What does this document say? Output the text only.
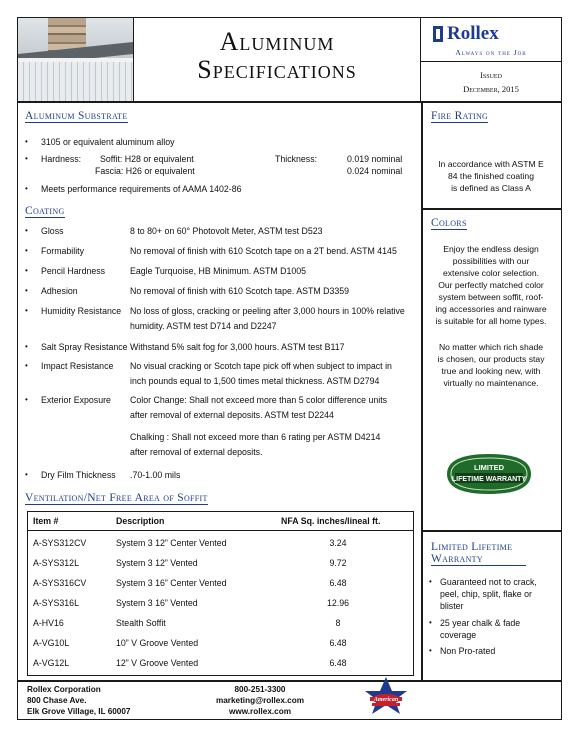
Aluminum
Specifications
Rollex
Always on the Job
Issued
December, 2015
Aluminum Substrate
• 3105 or equivalent aluminum alloy
• Hardness: Soffit: H28 or equivalent
Fascia: H26 or equivalent
Thickness:	0.019 nominal
0.024 nominal
• Meets performance requirements of AAMA 1402-86
Coating
• Gloss	8 to 80+ on 60° Photovolt Meter, ASTM test D523
• Formability	No removal of finish with 610 Scotch tape on a 2T bend. ASTM 4145
• Pencil Hardness	Eagle Turquoise, HB Minimum. ASTM D1005
• Adhesion	No removal of finish with 610 Scotch tape. ASTM D3359
• Humidity Resistance No loss of gloss, cracking or peeling after 3,000 hours in 100% relative
humidity. ASTM test D714 and D2247
• Salt Spray Resistance Withstand 5% salt fog for 3,000 hours. ASTM test B117
• Impact Resistance No visual cracking or Scotch tape pick off when subject to impact in
inch pounds equal to 1,500 times metal thickness. ASTM D2794
• Exterior Exposure Color Change: Shall not exceed more than 5 color difference units
after removal of external deposits. ASTM test D2244
Chalking : Shall not exceed more than 6 rating per ASTM D4214
after removal of external deposits.
• Dry Film Thickness .70-1.00 mils
Ventilation/Net Free Area of Soffit
Item #	Description	NFA Sq. inches/lineal ft.
A-SYS312CV	System 3 12” Center Vented	3.24
A-SYS312L	System 3 12” Vented	9.72
A-SYS316CV	System 3 16” Center Vented	6.48
A-SYS316L	System 3 16” Vented	12.96
A-HV16	Stealth Soffit	8
A-VG10L	10” V Groove Vented	6.48
A-VG12L	12” V Groove Vented	6.48
Fire Rating
In accordance with ASTM E
84 the finished coating
is defined as Class A
Colors
Enjoy the endless design
possibilities with our
extensive color selection.
Our perfectly matched color
system between soffit, roof-
ing accessories and rainware
is suitable for all home types.
No matter which rich shade
is chosen, our products stay
true and looking new, with
virtually no maintenance.
LIMITED
LIFETIME WARRANTY
Limited Lifetime
Warranty
• Guaranteed not to crack,
peel, chip, split, flake or
blister
• 25 year chalk & fade
coverage
• Non Pro-rated
Rollex Corporation
800 Chase Ave.
Elk Grove Village, IL 60007
800-251-3300
marketing@rollex.com
www.rollex.com
American
